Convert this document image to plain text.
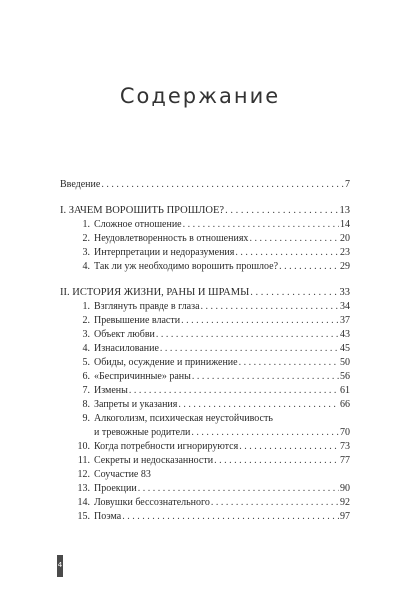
Содержание
Введение . . .	7
I. ЗАЧЕМ ВОРОШИТЬ ПРОШЛОЕ? . . .	13
1. Сложное отношение . . .	14
2. Неудовлетворенность в отношениях . . .	20
3. Интерпретации и недоразумения . . .	23
4. Так ли уж необходимо ворошить прошлое? . . .	29
II. ИСТОРИЯ ЖИЗНИ, РАНЫ И ШРАМЫ . . .	33
1. Взглянуть правде в глаза . . .	34
2. Превышение власти . . .	37
3. Объект любви . . .	43
4. Изнасилование . . .	45
5. Обиды, осуждение и принижение . . .	50
6. «Беспричинные» раны . . .	56
7. Измены . . .	61
8. Запреты и указания . . .	66
9. Алкоголизм, психическая неустойчивость
и тревожные родители . . .	70
10. Когда потребности игнорируются . . .	73
11. Секреты и недосказанности . . .	77
12. Соучастие 83
13. Проекции . . .	90
14. Ловушки бессознательного . . .	92
15. Поэма . . .	97
4
